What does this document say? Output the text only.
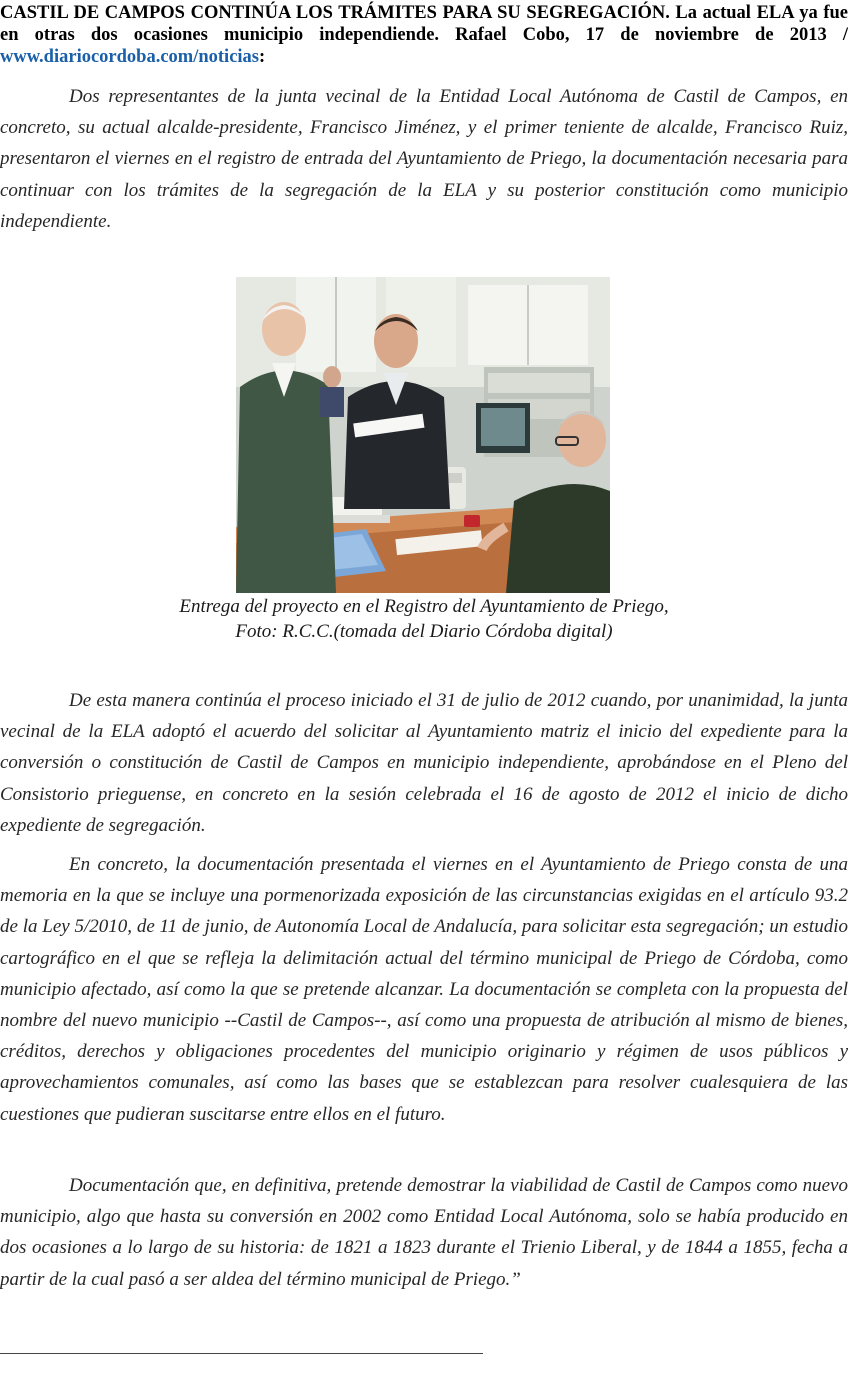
CASTIL DE CAMPOS CONTINÚA LOS TRÁMITES PARA SU SEGREGACIÓN. La actual ELA ya fue en otras dos ocasiones municipio independiende. Rafael Cobo, 17 de noviembre de 2013 / www.diariocordoba.com/noticias:

Dos representantes de la junta vecinal de la Entidad Local Autónoma de Castil de Campos, en concreto, su actual alcalde-presidente, Francisco Jiménez, y el primer teniente de alcalde, Francisco Ruiz, presentaron el viernes en el registro de entrada del Ayuntamiento de Priego, la documentación necesaria para continuar con los trámites de la segregación de la ELA y su posterior constitución como municipio independiente.

Entrega del proyecto en el Registro del Ayuntamiento de Priego,
Foto: R.C.C.(tomada del Diario Córdoba digital)

De esta manera continúa el proceso iniciado el 31 de julio de 2012 cuando, por unanimidad, la junta vecinal de la ELA adoptó el acuerdo del solicitar al Ayuntamiento matriz el inicio del expediente para la conversión o constitución de Castil de Campos en municipio independiente, aprobándose en el Pleno del Consistorio prieguense, en concreto en la sesión celebrada el 16 de agosto de 2012 el inicio de dicho expediente de segregación.

En concreto, la documentación presentada el viernes en el Ayuntamiento de Priego consta de una memoria en la que se incluye una pormenorizada exposición de las circunstancias exigidas en el artículo 93.2 de la Ley 5/2010, de 11 de junio, de Autonomía Local de Andalucía, para solicitar esta segregación; un estudio cartográfico en el que se refleja la delimitación actual del término municipal de Priego de Córdoba, como municipio afectado, así como la que se pretende alcanzar. La documentación se completa con la propuesta del nombre del nuevo municipio --Castil de Campos--, así como una propuesta de atribución al mismo de bienes, créditos, derechos y obligaciones procedentes del municipio originario y régimen de usos públicos y aprovechamientos comunales, así como las bases que se establezcan para resolver cualesquiera de las cuestiones que pudieran suscitarse entre ellos en el futuro.

Documentación que, en definitiva, pretende demostrar la viabilidad de Castil de Campos como nuevo municipio, algo que hasta su conversión en 2002 como Entidad Local Autónoma, solo se había producido en dos ocasiones a lo largo de su historia: de 1821 a 1823 durante el Trienio Liberal, y de 1844 a 1855, fecha a partir de la cual pasó a ser aldea del término municipal de Priego.”
